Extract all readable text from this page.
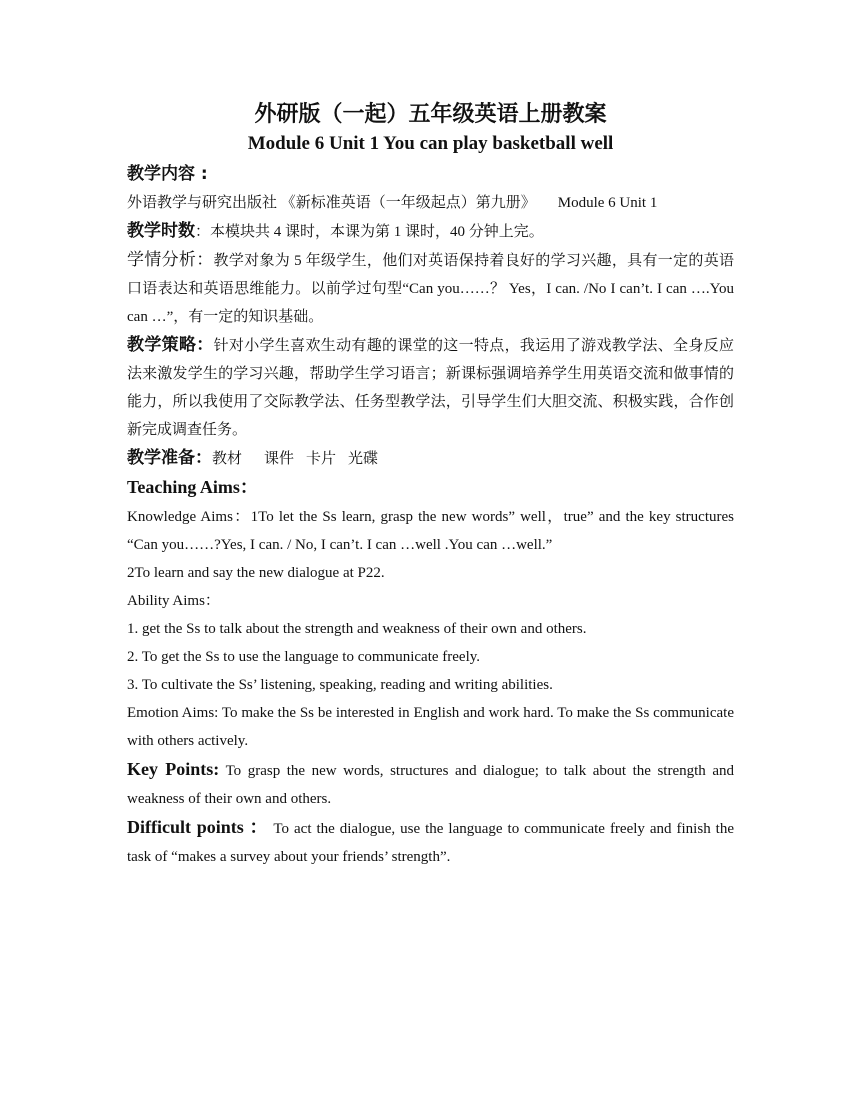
外研版（一起）五年级英语上册教案
Module 6 Unit 1 You can play basketball well

教学内容 :

外语教学与研究出版社 《新标准英语（一年级起点）第九册》 Module 6 Unit 1

教学时数：本模块共 4 课时，本课为第 1 课时，40 分钟上完。

学情分析：教学对象为 5 年级学生，他们对英语保持着良好的学习兴趣，具有一定的英语口语表达和英语思维能力。以前学过句型“Can you……？ Yes，I can. /No I can’t. I can ….You can …”，有一定的知识基础。

教学策略：针对小学生喜欢生动有趣的课堂的这一特点，我运用了游戏教学法、全身反应法来激发学生的学习兴趣，帮助学生学习语言；新课标强调培养学生用英语交流和做事情的能力，所以我使用了交际教学法、任务型教学法，引导学生们大胆交流、积极实践，合作创新完成调查任务。

教学准备：教材 课件 卡片 光碟

Teaching Aims：

Knowledge Aims：1To let the Ss learn, grasp the new words” well，true” and the key structures “Can you……?Yes, I can. / No, I can’t. I can …well .You can …well.”

2To learn and say the new dialogue at P22.

Ability Aims：

1. get the Ss to talk about the strength and weakness of their own and others.

2. To get the Ss to use the language to communicate freely.

3. To cultivate the Ss’ listening, speaking, reading and writing abilities.

Emotion Aims: To make the Ss be interested in English and work hard. To make the Ss communicate with others actively.

Key Points: To grasp the new words, structures and dialogue; to talk about the strength and weakness of their own and others.

Difficult points ： To act the dialogue, use the language to communicate freely and finish the task of “makes a survey about your friends’ strength”.
